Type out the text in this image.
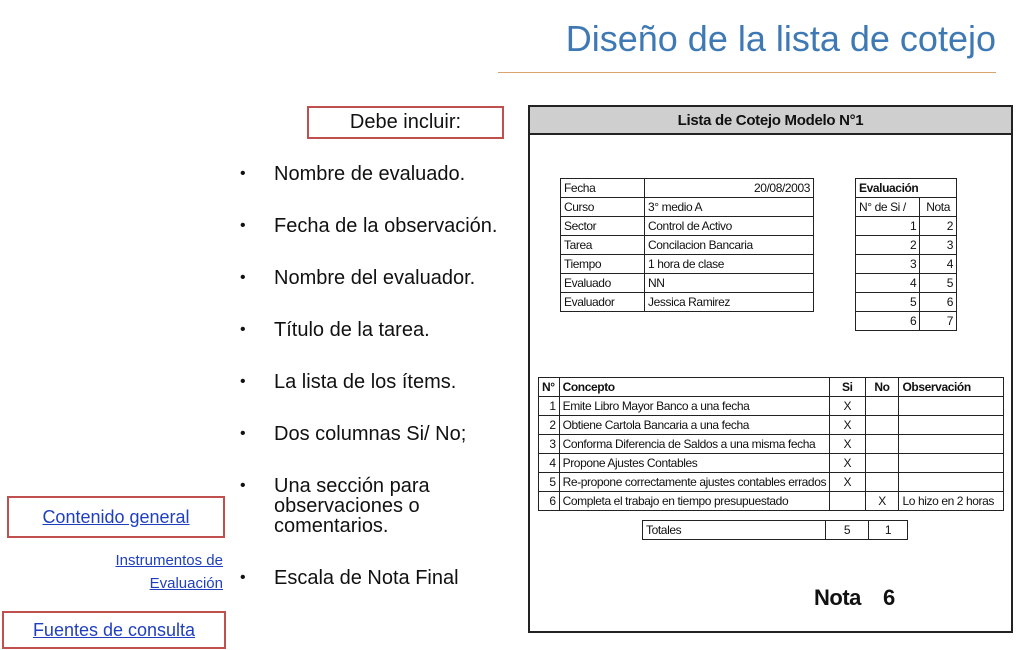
Diseño de la lista de cotejo
Debe incluir:
• Nombre de evaluado.
• Fecha de la observación.
• Nombre del evaluador.
• Título de la tarea.
• La lista de los ítems.
• Dos columnas Si/ No;
• Una sección para observaciones o comentarios.
• Escala de Nota Final
Contenido general
Instrumentos de
Evaluación
Fuentes de consulta
Lista de Cotejo Modelo N°1
Fecha	20/08/2003
Curso	3° medio A
Sector	Control de Activo
Tarea	Concilacion Bancaria
Tiempo	1 hora de clase
Evaluado	NN
Evaluador	Jessica Ramirez
Evaluación	
N° de Si /	Nota
1	2
2	3
3	4
4	5
5	6
6	7
N°	Concepto	Si	No	Observación
1	Emite Libro Mayor Banco a una fecha	X		
2	Obtiene Cartola Bancaria a una fecha	X		
3	Conforma Diferencia de Saldos a una misma fecha	X		
4	Propone Ajustes Contables	X		
5	Re-propone correctamente ajustes contables errados	X		
6	Completa el trabajo en tiempo presupuestado		X	Lo hizo en 2 horas
Totales	5	1
Nota 6
